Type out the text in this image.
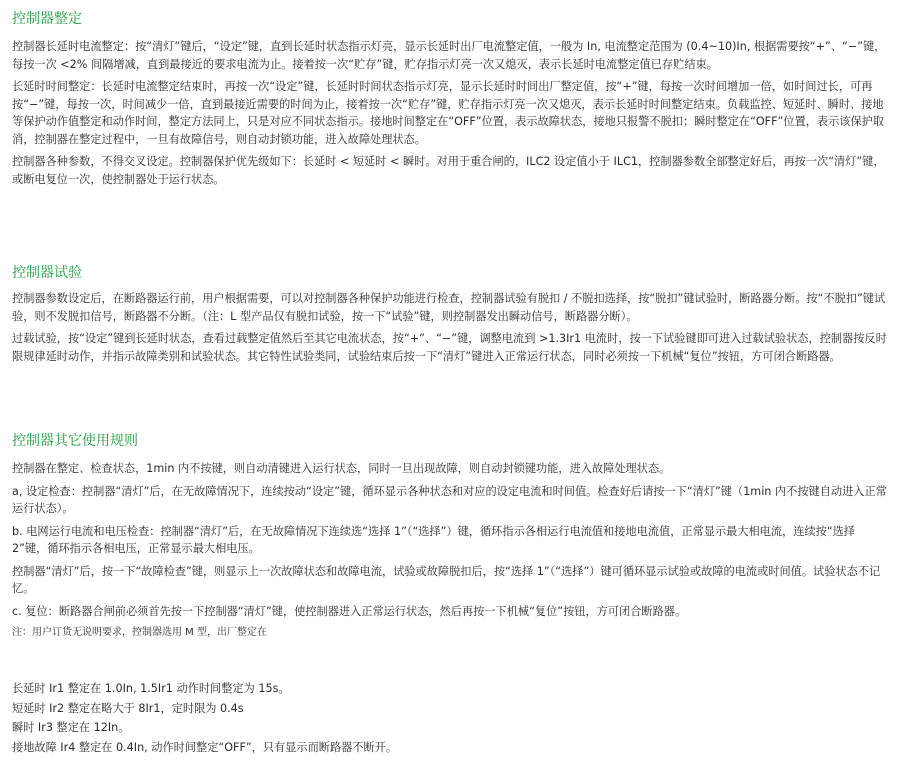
控制器整定

控制器长延时电流整定：按“清灯”键后，“设定”键，直到长延时状态指示灯亮，显示长延时出厂电流整定值，一般为 In, 电流整定范围为 (0.4~10)In, 根据需要按“+”、“−”键，每按一次 <2% 间隔增减，直到最接近的要求电流为止。接着按一次“贮存”键，贮存指示灯亮一次又熄灭，表示长延时电流整定值已存贮结束。

长延时时间整定：长延时电流整定结束时，再按一次“设定”键，长延时时间状态指示灯亮，显示长延时时间出厂整定值，按“+”键，每按一次时间增加一倍，如时间过长，可再按“−”键，每按一次，时间减少一倍，直到最接近需要的时间为止，接着按一次“贮存”键，贮存指示灯亮一次又熄灭，表示长延时时间整定结束。负载监控、短延时、瞬时、接地等保护动作值整定和动作时间，整定方法同上，只是对应不同状态指示。接地时间整定在“OFF”位置，表示故障状态，接地只报警不脱扣；瞬时整定在“OFF”位置，表示该保护取消，控制器在整定过程中，一旦有故障信号，则自动封锁功能，进入故障处理状态。

控制器各种参数，不得交叉设定。控制器保护优先级如下：长延时 < 短延时 < 瞬时。对用于重合闸的，ILC2 设定值小于 ILC1，控制器参数全部整定好后，再按一次“清灯”键，或断电复位一次，使控制器处于运行状态。

控制器试验

控制器参数设定后，在断路器运行前，用户根据需要，可以对控制器各种保护功能进行检查，控制器试验有脱扣 / 不脱扣选择，按“脱扣”键试验时，断路器分断。按“不脱扣”键试验，则不发脱扣信号，断路器不分断。（注：L 型产品仅有脱扣试验，按一下“试验”键，则控制器发出瞬动信号，断路器分断）。

过载试验，按“设定”键到长延时状态，查看过载整定值然后至其它电流状态，按“+”、“−”键，调整电流到 >1.3Ir1 电流时，按一下试验键即可进入过载试验状态，控制器按反时限规律延时动作，并指示故障类别和试验状态。其它特性试验类同，试验结束后按一下“清灯”键进入正常运行状态，同时必须按一下机械“复位”按钮，方可闭合断路器。

控制器其它使用规则

控制器在整定、检查状态，1min 内不按键，则自动清键进入运行状态，同时一旦出现故障，则自动封锁键功能，进入故障处理状态。

a, 设定检查：控制器“清灯”后，在无故障情况下，连续按动“设定”键，循环显示各种状态和对应的设定电流和时间值。检查好后请按一下“清灯”键（1min 内不按键自动进入正常运行状态）。

b. 电网运行电流和电压检查：控制器“清灯”后，在无故障情况下连续选“选择 1”（“选择”）键，循环指示各相运行电流值和接地电流值，正常显示最大相电流，连续按“选择 2”键，循环指示各相电压，正常显示最大相电压。

控制器“清灯”后，按一下“故障检查”键，则显示上一次故障状态和故障电流，试验或故障脱扣后，按“选择 1”（“选择”）键可循环显示试验或故障的电流或时间值。试验状态不记忆。

c. 复位：断路器合闸前必须首先按一下控制器“清灯”键，使控制器进入正常运行状态，然后再按一下机械“复位”按钮，方可闭合断路器。

注：用户订货无说明要求，控制器选用 M 型，出厂整定在

长延时 Ir1 整定在 1.0In, 1.5Ir1 动作时间整定为 15s。

短延时 Ir2 整定在略大于 8Ir1，定时限为 0.4s

瞬时 Ir3 整定在 12In。

接地故障 Ir4 整定在 0.4In, 动作时间整定“OFF”，只有显示而断路器不断开。
